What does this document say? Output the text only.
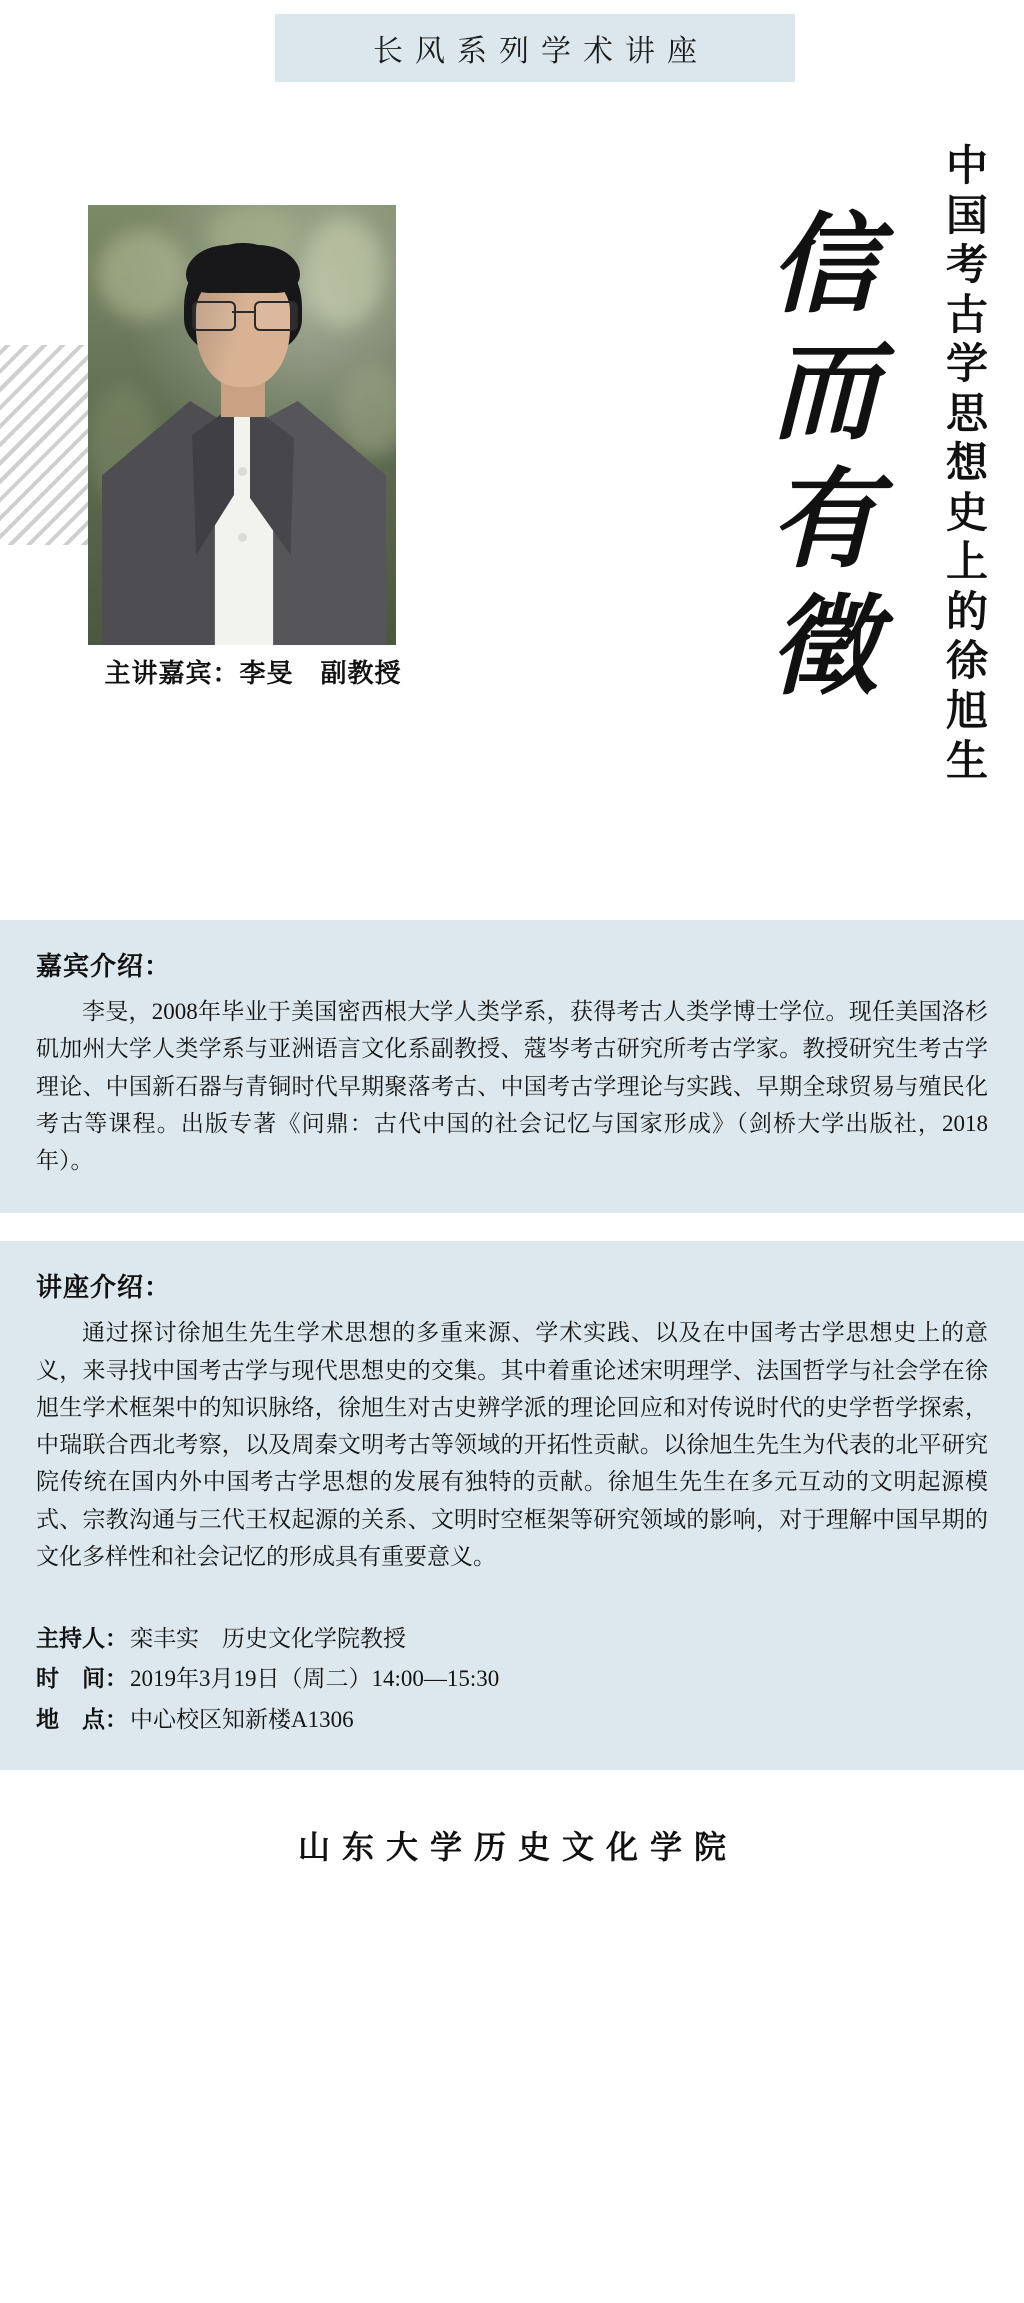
长风系列学术讲座
信
而
有
徵
中
国
考
古
学
思
想
史
上
的
徐
旭
生
主讲嘉宾：李旻　副教授
嘉宾介绍：

李旻，2008年毕业于美国密西根大学人类学系，获得考古人类学博士学位。现任美国洛杉矶加州大学人类学系与亚洲语言文化系副教授、蔻岑考古研究所考古学家。教授研究生考古学理论、中国新石器与青铜时代早期聚落考古、中国考古学理论与实践、早期全球贸易与殖民化考古等课程。出版专著《问鼎：古代中国的社会记忆与国家形成》（剑桥大学出版社，2018年）。

讲座介绍：

通过探讨徐旭生先生学术思想的多重来源、学术实践、以及在中国考古学思想史上的意义，来寻找中国考古学与现代思想史的交集。其中着重论述宋明理学、法国哲学与社会学在徐旭生学术框架中的知识脉络，徐旭生对古史辨学派的理论回应和对传说时代的史学哲学探索，中瑞联合西北考察，以及周秦文明考古等领域的开拓性贡献。以徐旭生先生为代表的北平研究院传统在国内外中国考古学思想的发展有独特的贡献。徐旭生先生在多元互动的文明起源模式、宗教沟通与三代王权起源的关系、文明时空框架等研究领域的影响，对于理解中国早期的文化多样性和社会记忆的形成具有重要意义。

主持人： 栾丰实　历史文化学院教授
时　间： 2019年3月19日（周二）14:00—15:30
地　点： 中心校区知新楼A1306
山东大学历史文化学院
